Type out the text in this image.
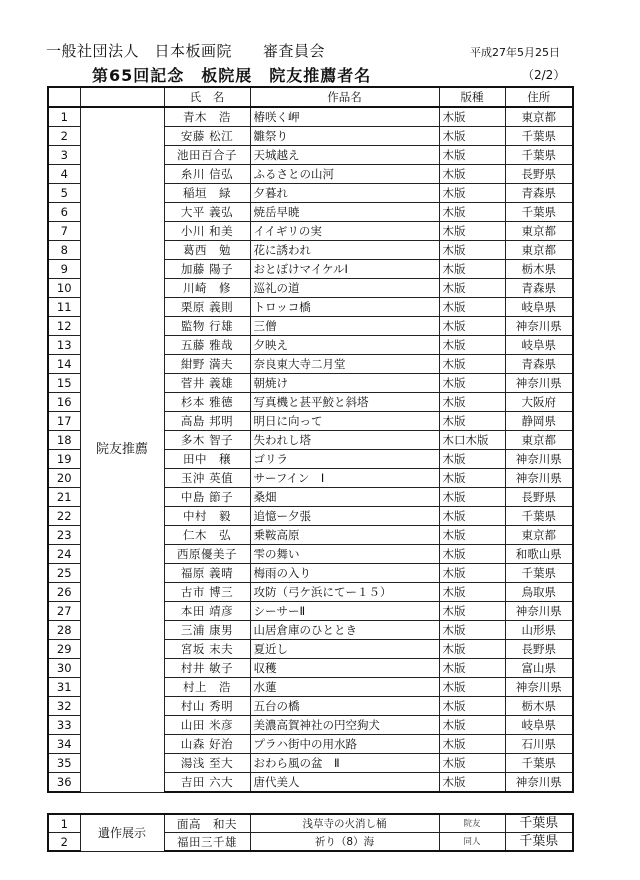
一般社団法人　日本板画院　　審査員会	平成27年5月25日
第65回記念　板院展　院友推薦者名	（2/2）
		氏　名	作品名	版種	住所
1	院友推薦	青木　浩	椿咲く岬	木版	東京都
2		安藤 松江	雛祭り	木版	千葉県
3		池田百合子	天城越え	木版	千葉県
4		糸川 信弘	ふるさとの山河	木版	長野県
5		稲垣　緑	夕暮れ	木版	青森県
6		大平 義弘	焼岳早暁	木版	千葉県
7		小川 和美	イイギリの実	木版	東京都
8		葛西　勉	花に誘われ	木版	東京都
9		加藤 陽子	おとぼけマイケルⅠ	木版	栃木県
10		川崎　修	巡礼の道	木版	青森県
11		栗原 義則	トロッコ橋	木版	岐阜県
12		監物 行雄	三僧	木版	神奈川県
13		五藤 雅哉	夕映え	木版	岐阜県
14		紺野 満夫	奈良東大寺二月堂	木版	青森県
15		菅井 義雄	朝焼け	木版	神奈川県
16		杉本 雅德	写真機と甚平鮫と斜塔	木版	大阪府
17		高島 邦明	明日に向って	木版	静岡県
18		多木 智子	失われし塔	木口木版	東京都
19		田中　穣	ゴリラ	木版	神奈川県
20		玉沖 英值	サーフイン　Ⅰ	木版	神奈川県
21		中島 節子	桑畑	木版	長野県
22		中村　毅	追憶ー夕張	木版	千葉県
23		仁木　弘	乗鞍高原	木版	東京都
24		西原優美子	雫の舞い	木版	和歌山県
25		福原 義晴	梅雨の入り	木版	千葉県
26		古市 博三	攻防（弓ケ浜にてー１５）	木版	鳥取県
27		本田 靖彦	シーサーⅡ	木版	神奈川県
28		三浦 康男	山居倉庫のひととき	木版	山形県
29		宮坂 末夫	夏近し	木版	長野県
30		村井 敏子	収穫	木版	富山県
31		村上　浩	水蓮	木版	神奈川県
32		村山 秀明	五台の橋	木版	栃木県
33		山田 米彦	美濃高賀神社の円空狗犬	木版	岐阜県
34		山森 好治	プラハ街中の用水路	木版	石川県
35		湯浅 至大	おわら風の盆　Ⅱ	木版	千葉県
36		吉田 六大	唐代美人	木版	神奈川県
1	遺作展示	面高　和夫	浅草寺の火消し桶	院友	千葉県
2		福田三千雄	祈り（8）海	同人	千葉県
